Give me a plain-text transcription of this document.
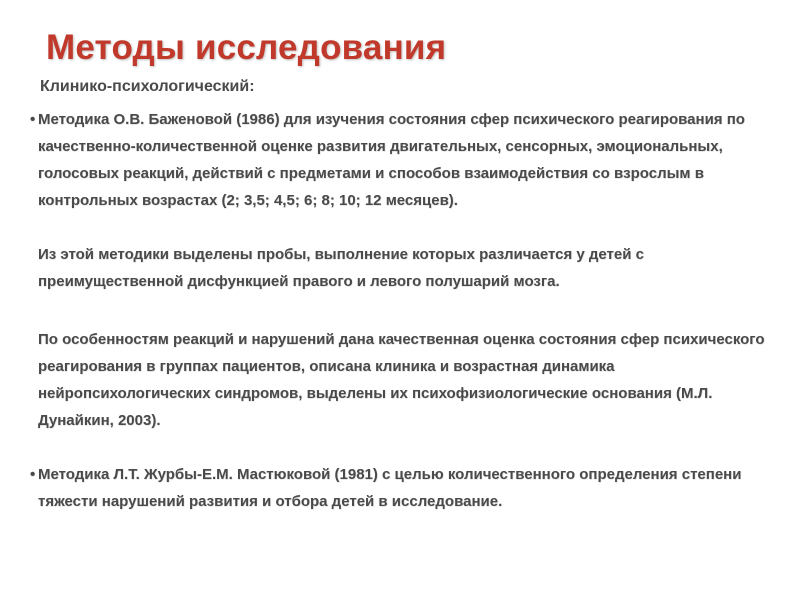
Методы исследования

Клинико-психологический:

• Методика О.В. Баженовой (1986) для изучения состояния сфер психического реагирования по качественно-количественной оценке развития двигательных, сенсорных, эмоциональных, голосовых реакций, действий с предметами и способов взаимодействия со взрослым в контрольных возрастах (2; 3,5; 4,5; 6; 8; 10; 12 месяцев).

Из этой методики выделены пробы, выполнение которых различается у детей с преимущественной дисфункцией правого и левого полушарий мозга.

По особенностям реакций и нарушений дана качественная оценка состояния сфер психического реагирования в группах пациентов, описана клиника и возрастная динамика нейропсихологических синдромов, выделены их психофизиологические основания (М.Л. Дунайкин, 2003).

• Методика Л.Т. Журбы-Е.М. Мастюковой (1981) с целью количественного определения степени тяжести нарушений развития и отбора детей в исследование.
